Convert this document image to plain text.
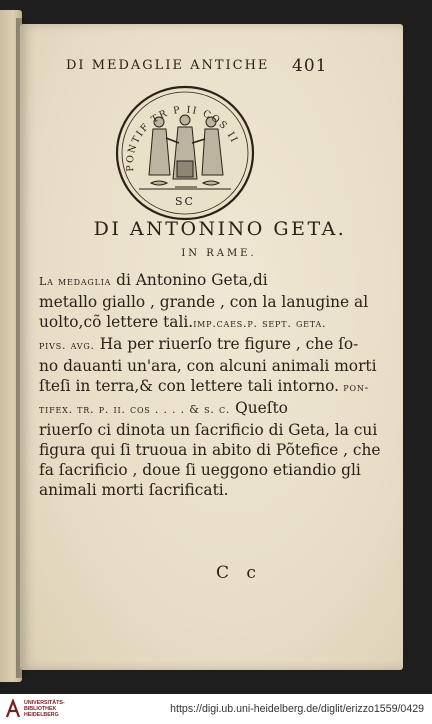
DI MEDAGLIE ANTICHE 401
PONTIF TR P II COS II
SC
DI ANTONINO GETA.
IN RAME.
La medaglia di Antonino Geta,di
metallo giallo , grande , con la lanugine al
uolto,cõ lettere tali.imp.caes.p. sept. geta.
pivs. avg. Ha per riuerſo tre figure , che ſo-
no dauanti un'ara, con alcuni animali morti
ſteſi in terra,& con lettere tali intorno. pon-
tifex. tr. p. ii. cos . . . . & s. c. Queſto
riuerſo ci dinota un ſacrificio di Geta, la cui
figura qui ſi truoua in abito di Põtefice , che
fa ſacrificio , doue ſi ueggono etiandio gli
animali morti ſacrificati.
C c
UNIVERSITÄTS-
BIBLIOTHEK
HEIDELBERG	https://digi.ub.uni-heidelberg.de/diglit/erizzo1559/0429
